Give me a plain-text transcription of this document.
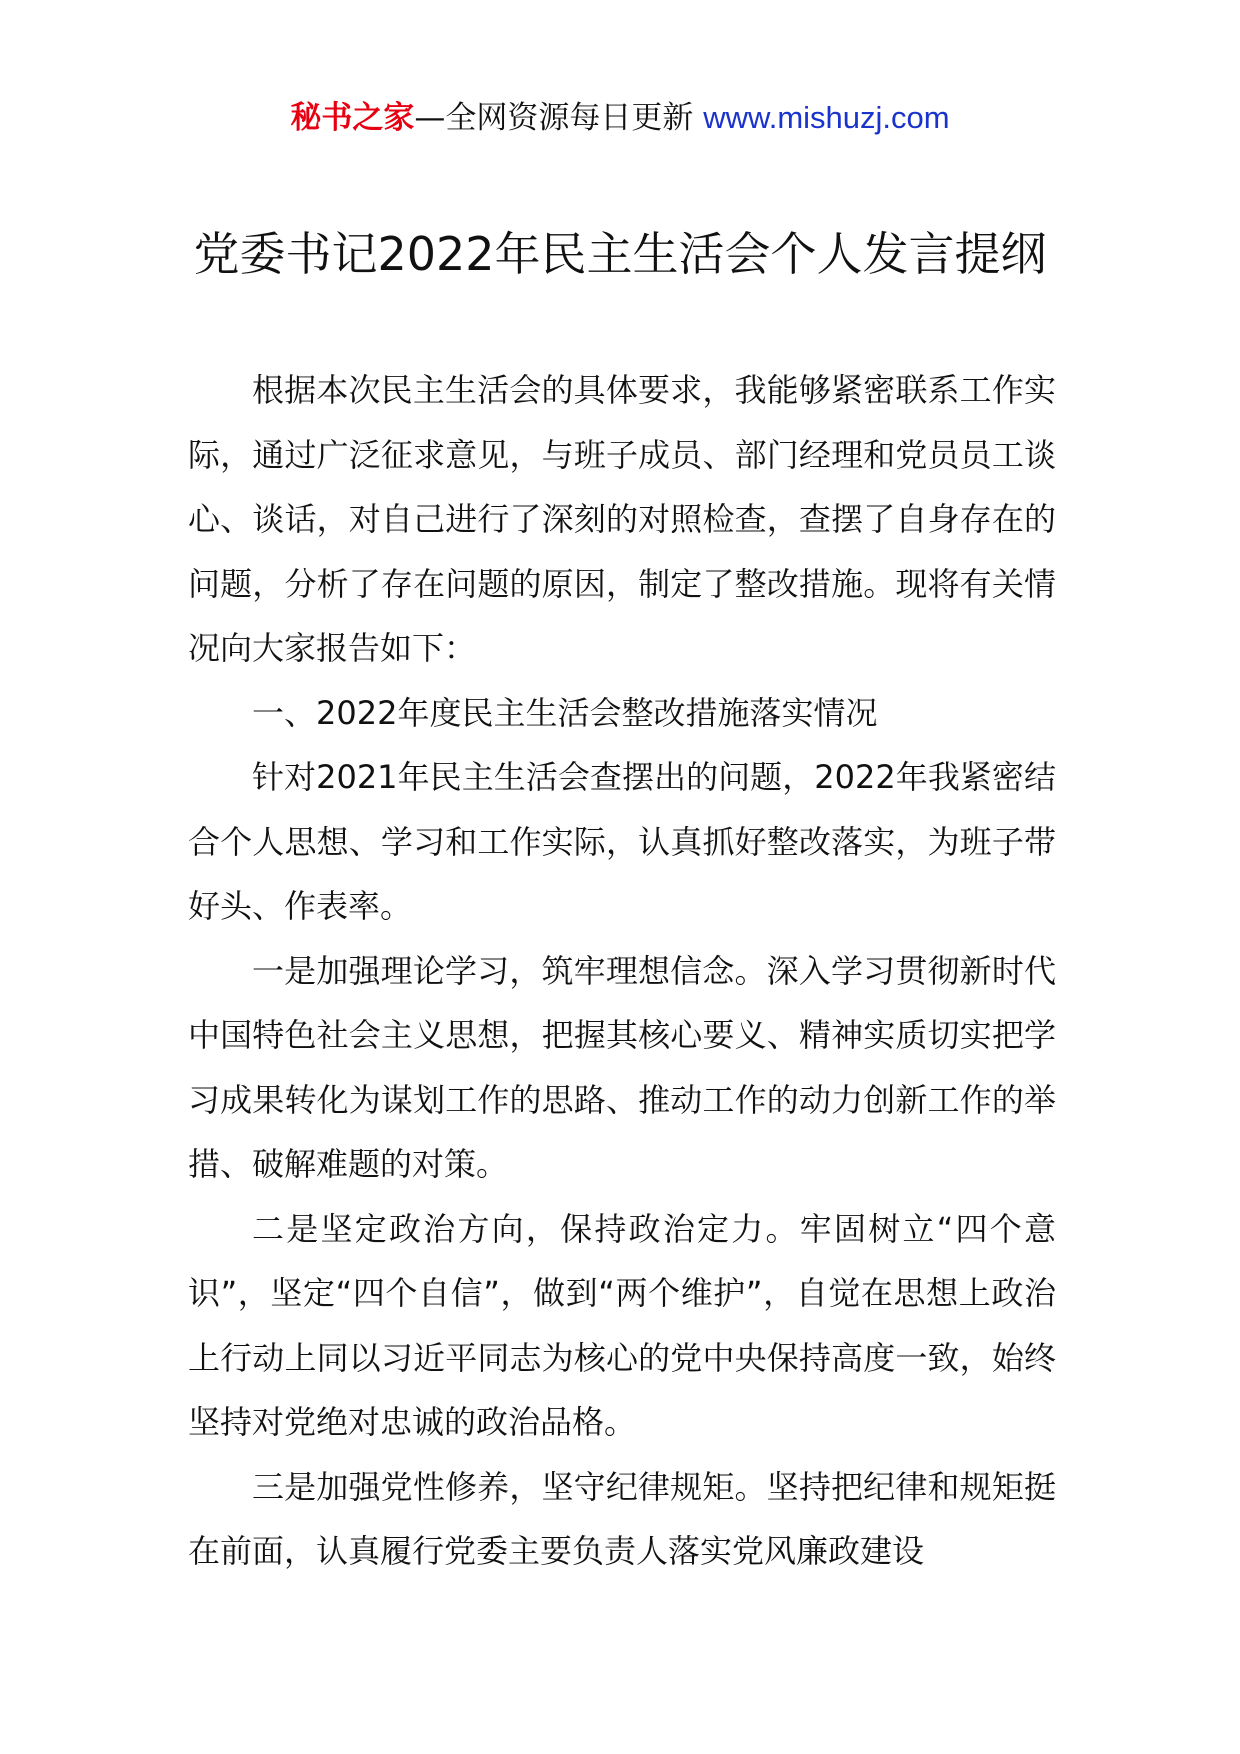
秘书之家—全网资源每日更新 www.mishuzj.com
党委书记2022年民主生活会个人发言提纲

根据本次民主生活会的具体要求，我能够紧密联系工作实际，通过广泛征求意见，与班子成员、部门经理和党员员工谈心、谈话，对自己进行了深刻的对照检查，查摆了自身存在的问题，分析了存在问题的原因，制定了整改措施。现将有关情况向大家报告如下：

一、2022年度民主生活会整改措施落实情况

针对2021年民主生活会查摆出的问题，2022年我紧密结合个人思想、学习和工作实际，认真抓好整改落实，为班子带好头、作表率。

一是加强理论学习，筑牢理想信念。深入学习贯彻新时代中国特色社会主义思想，把握其核心要义、精神实质切实把学习成果转化为谋划工作的思路、推动工作的动力创新工作的举措、破解难题的对策。

二是坚定政治方向，保持政治定力。牢固树立“四个意识”，坚定“四个自信”，做到“两个维护”，自觉在思想上政治上行动上同以习近平同志为核心的党中央保持高度一致，始终坚持对党绝对忠诚的政治品格。

三是加强党性修养，坚守纪律规矩。坚持把纪律和规矩挺在前面，认真履行党委主要负责人落实党风廉政建设
